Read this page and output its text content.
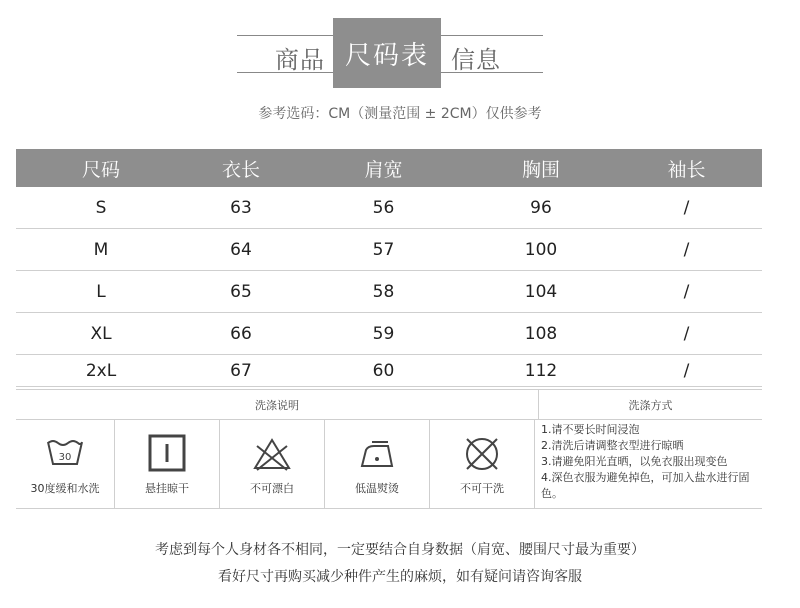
商品 尺码表 信息
参考选码：CM（测量范围 ± 2CM）仅供参考
尺码	衣长	肩宽	胸围	袖长
S	63	56	96	/
M	64	57	100	/
L	65	58	104	/
XL	66	59	108	/
2xL	67	60	112	/
洗涤说明	洗涤方式
30
30度缓和水洗	悬挂晾干	不可漂白	低温熨烫	不可干洗
1.请不要长时间浸泡
2.清洗后请调整衣型进行晾晒
3.请避免阳光直晒，以免衣服出现变色
4.深色衣服为避免掉色，可加入盐水进行固色。
考虑到每个人身材各不相同，一定要结合自身数据（肩宽、腰围尺寸最为重要）
看好尺寸再购买减少种件产生的麻烦，如有疑问请咨询客服
